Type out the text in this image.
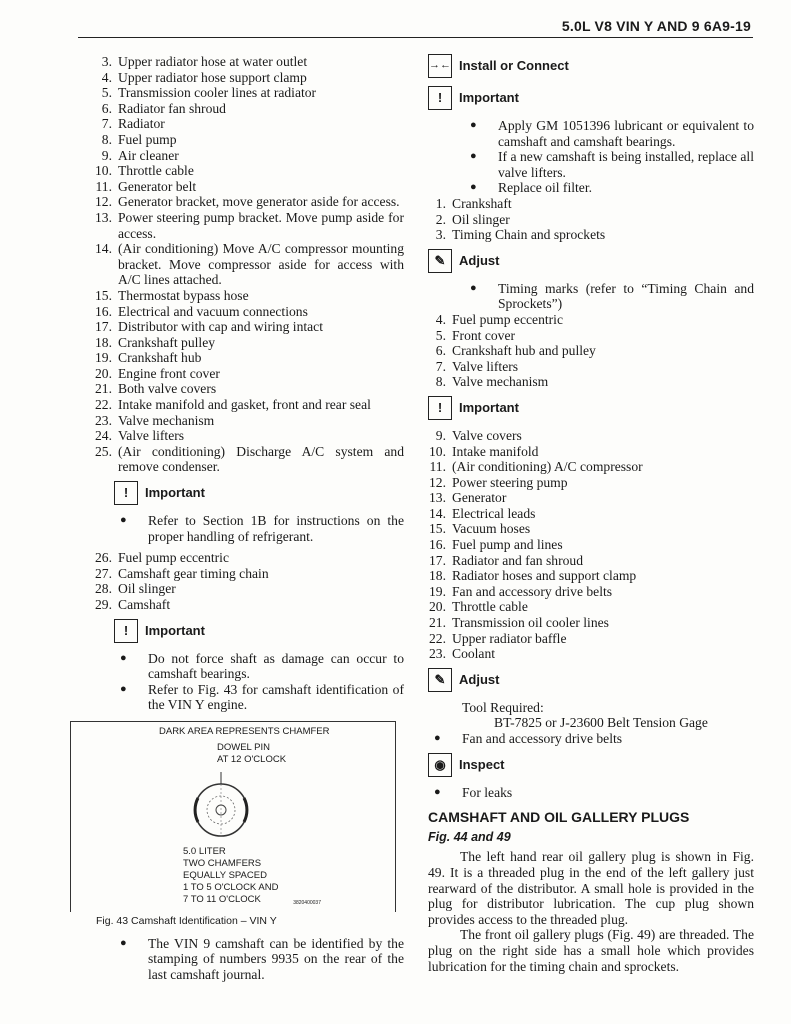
5.0L V8 VIN Y AND 9 6A9-19
3. Upper radiator hose at water outlet
4. Upper radiator hose support clamp
5. Transmission cooler lines at radiator
6. Radiator fan shroud
7. Radiator
8. Fuel pump
9. Air cleaner
10. Throttle cable
11. Generator belt
12. Generator bracket, move generator aside for access.
13. Power steering pump bracket. Move pump aside for access.
14. (Air conditioning) Move A/C compressor mounting bracket. Move compressor aside for access with A/C lines attached.
15. Thermostat bypass hose
16. Electrical and vacuum connections
17. Distributor with cap and wiring intact
18. Crankshaft pulley
19. Crankshaft hub
20. Engine front cover
21. Both valve covers
22. Intake manifold and gasket, front and rear seal
23. Valve mechanism
24. Valve lifters
25. (Air conditioning) Discharge A/C system and remove condenser.
ǃ	Important
●	Refer to Section 1B for instructions on the proper handling of refrigerant.
26. Fuel pump eccentric
27. Camshaft gear timing chain
28. Oil slinger
29. Camshaft
ǃ	Important
●	Do not force shaft as damage can occur to camshaft bearings.
●	Refer to Fig. 43 for camshaft identification of the VIN Y engine.
DARK AREA REPRESENTS CHAMFER
DOWEL PIN
AT 12 O'CLOCK
5.0 LITER
TWO CHAMFERS
EQUALLY SPACED
1 TO 5 O'CLOCK AND
7 TO 11 O'CLOCK	3820400037
Fig. 43 Camshaft Identification – VIN Y
●	The VIN 9 camshaft can be identified by the stamping of numbers 9935 on the rear of the last camshaft journal.
→← Install or Connect
ǃ	Important
●	Apply GM 1051396 lubricant or equivalent to camshaft and camshaft bearings.
●	If a new camshaft is being installed, replace all valve lifters.
●	Replace oil filter.
1. Crankshaft
2. Oil slinger
3. Timing Chain and sprockets
✎	Adjust
●	Timing marks (refer to “Timing Chain and Sprockets”)
4. Fuel pump eccentric
5. Front cover
6. Crankshaft hub and pulley
7. Valve lifters
8. Valve mechanism
ǃ	Important
9. Valve covers
10. Intake manifold
11. (Air conditioning) A/C compressor
12. Power steering pump
13. Generator
14. Electrical leads
15. Vacuum hoses
16. Fuel pump and lines
17. Radiator and fan shroud
18. Radiator hoses and support clamp
19. Fan and accessory drive belts
20. Throttle cable
21. Transmission oil cooler lines
22. Upper radiator baffle
23. Coolant
✎	Adjust
Tool Required:
BT-7825 or J-23600 Belt Tension Gage
●	Fan and accessory drive belts
◉	Inspect
●	For leaks
CAMSHAFT AND OIL GALLERY PLUGS
Fig. 44 and 49
The left hand rear oil gallery plug is shown in Fig. 49. It is a threaded plug in the end of the left gallery just rearward of the distributor. A small hole is provided in the plug for distributor lubrication. The cup plug shown provides access to the threaded plug.
The front oil gallery plugs (Fig. 49) are threaded. The plug on the right side has a small hole which provides lubrication for the timing chain and sprockets.
